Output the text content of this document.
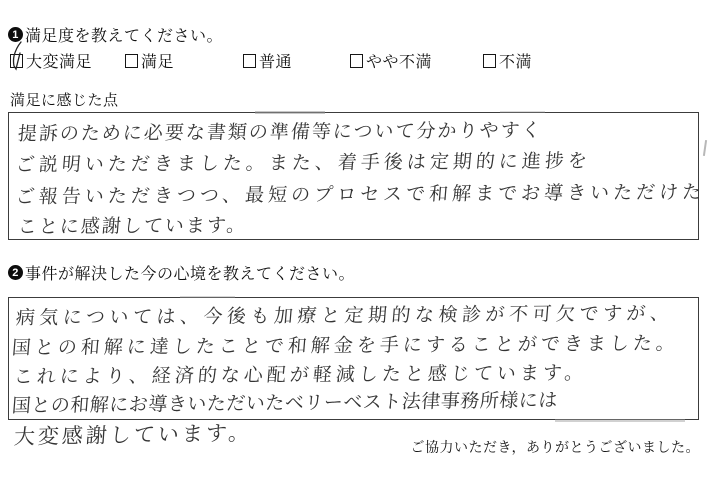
1 満足度を教えてください。
大変満足	満足	普通	やや不満	不満
満足に感じた点
提訴のために必要な書類の準備等について分かりやすく
ご説明いただきました。また、着手後は定期的に進捗を
ご報告いただきつつ、最短のプロセスで和解までお導きいただけた
ことに感謝しています。
2 事件が解決した今の心境を教えてください。
病気については、今後も加療と定期的な検診が不可欠ですが、
国との和解に達したことで和解金を手にすることができました。
これにより、経済的な心配が軽減したと感じています。
国との和解にお導きいただいたベリーベスト法律事務所様には
大変感謝しています。	ご協力いただき，ありがとうございました。
